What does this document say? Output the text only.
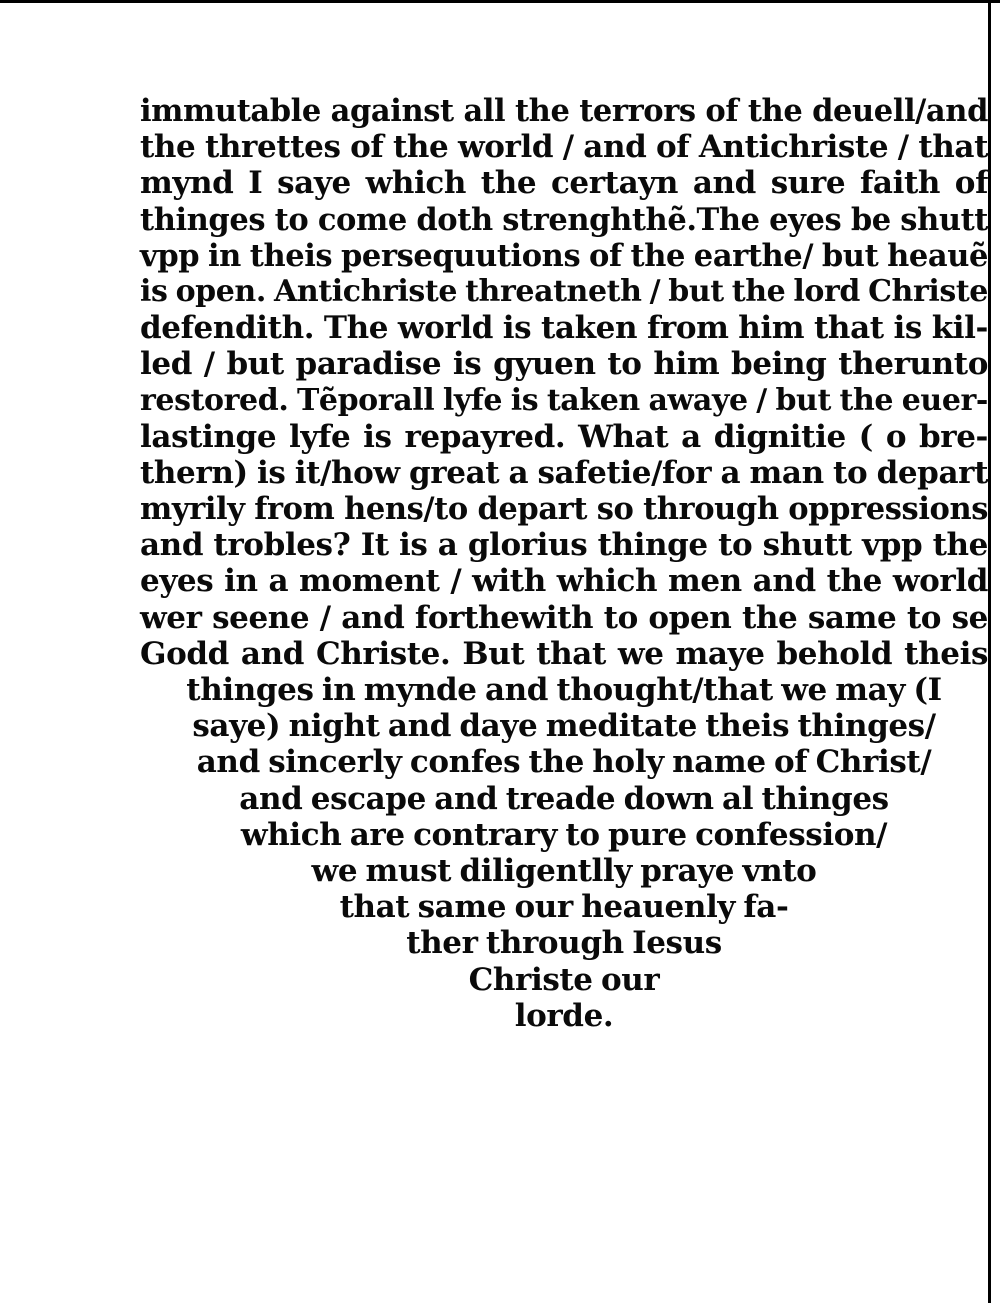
immutable against all the terrors of the deuell/and
the threttes of the world / and of Antichriste / that
mynd I saye which the certayn and sure faith of
thinges to come doth strenghthẽ.The eyes be shutt
vpp in theis persequutions of the earthe/ but heauẽ
is open. Antichriste threatneth / but the lord Christe
defendith. The world is taken from him that is kil-
led / but paradise is gyuen to him being therunto
restored. Tẽporall lyfe is taken awaye / but the euer-
lastinge lyfe is repayred. What a dignitie ( o bre-
thern) is it/how great a safetie/for a man to depart
myrily from hens/to depart so through oppressions
and trobles? It is a glorius thinge to shutt vpp the
eyes in a moment / with which men and the world
wer seene / and forthewith to open the same to se
Godd and Christe. But that we maye behold theis
thinges in mynde and thought/that we may (I
saye) night and daye meditate theis thinges/
and sincerly confes the holy name of Christ/
and escape and treade down al thinges
which are contrary to pure confession/
we must diligentlly praye vnto
that same our heauenly fa-
ther through Iesus
Christe our
lorde.
